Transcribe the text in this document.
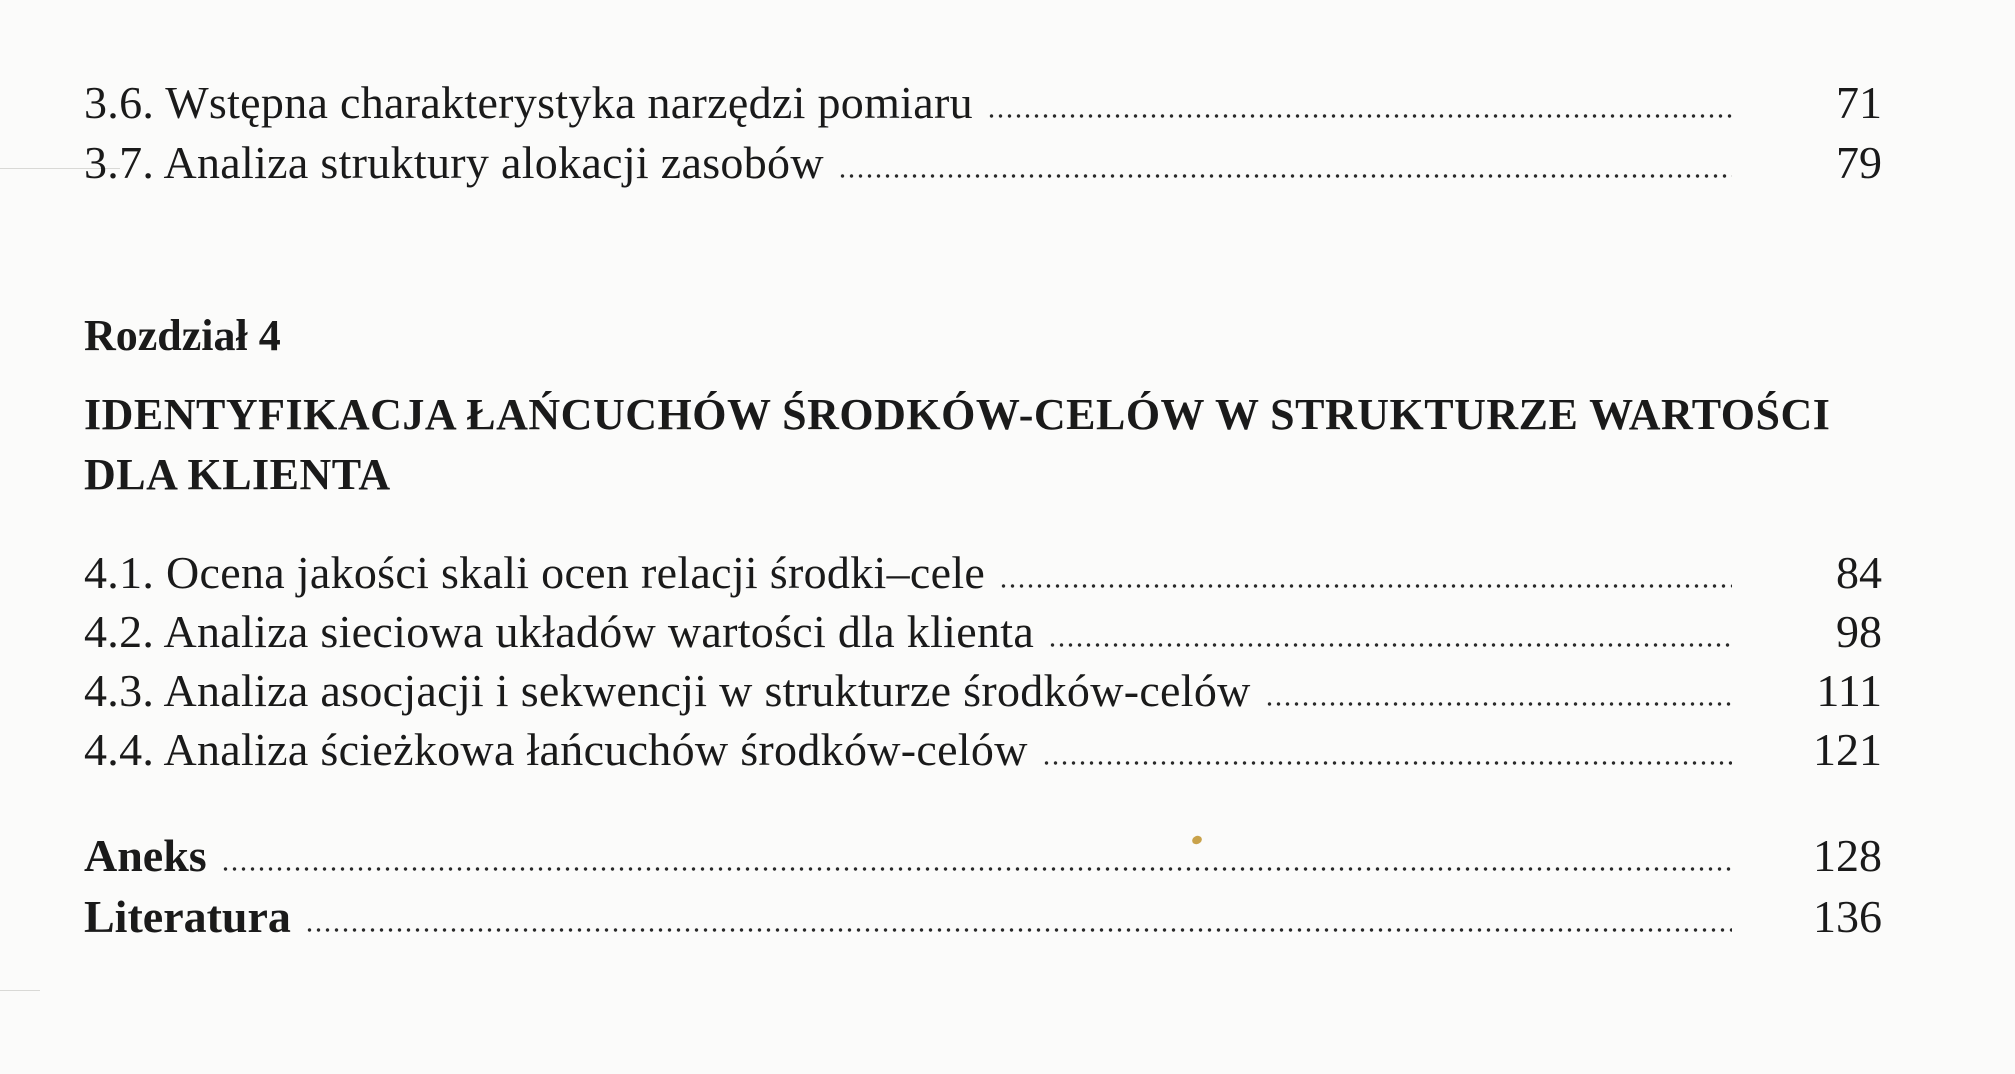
3.6. Wstępna charakterystyka narzędzi pomiaru	71
3.7. Analiza struktury alokacji zasobów	79
Rozdział 4
IDENTYFIKACJA ŁAŃCUCHÓW ŚRODKÓW-CELÓW W STRUKTURZE WARTOŚCI DLA KLIENTA
4.1. Ocena jakości skali ocen relacji środki–cele	84
4.2. Analiza sieciowa układów wartości dla klienta	98
4.3. Analiza asocjacji i sekwencji w strukturze środków-celów	111
4.4. Analiza ścieżkowa łańcuchów środków-celów	121
Aneks	128
Literatura	136
